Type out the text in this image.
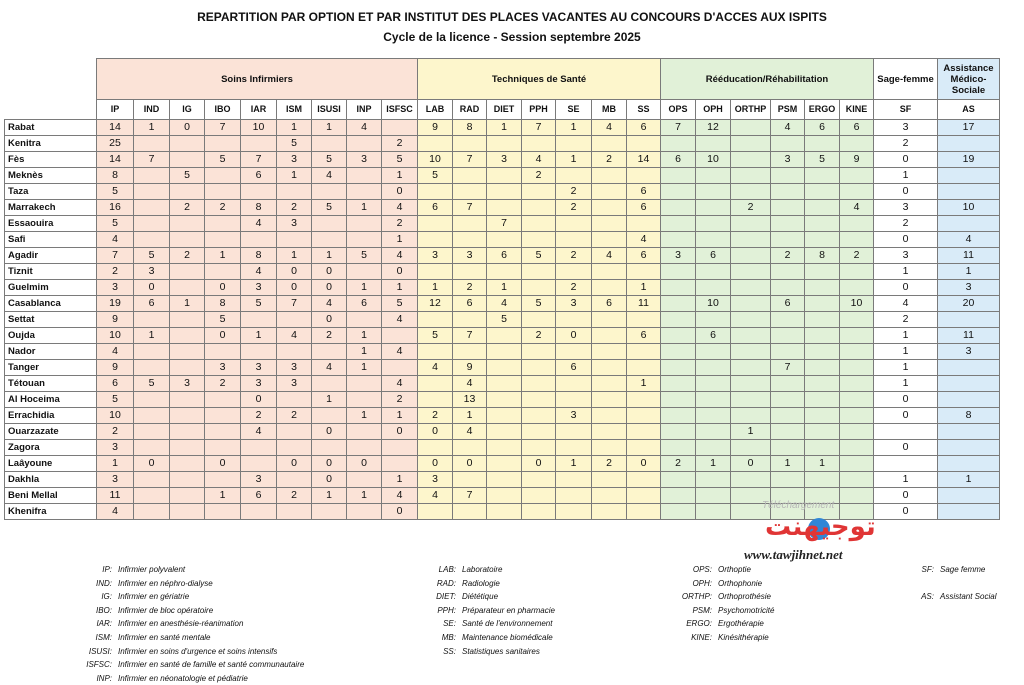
REPARTITION PAR OPTION ET PAR INSTITUT DES PLACES VACANTES AU CONCOURS D'ACCES AUX ISPITS
Cycle de la licence - Session septembre 2025
	Soins Infirmiers									Techniques de Santé							Rééducation/Réhabilitation						Sage-femme	Assistance Médico-Sociale
	IP	IND	IG	IBO	IAR	ISM	ISUSI	INP	ISFSC	LAB	RAD	DIET	PPH	SE	MB	SS	OPS	OPH	ORTHP	PSM	ERGO	KINE	SF	AS
Rabat	14	1	0	7	10	1	1	4		9	8	1	7	1	4	6	7	12		4	6	6	3	17
Kenitra	25					5			2														2	
Fès	14	7		5	7	3	5	3	5	10	7	3	4	1	2	14	6	10		3	5	9	0	19
Meknès	8		5		6	1	4		1	5			2										1	
Taza	5								0					2		6							0	
Marrakech	16		2	2	8	2	5	1	4	6	7			2		6			2			4	3	10
Essaouira	5				4	3			2			7											2	
Safi	4								1							4							0	4
Agadir	7	5	2	1	8	1	1	5	4	3	3	6	5	2	4	6	3	6		2	8	2	3	11
Tiznit	2	3			4	0	0		0														1	1
Guelmim	3	0		0	3	0	0	1	1	1	2	1		2		1							0	3
Casablanca	19	6	1	8	5	7	4	6	5	12	6	4	5	3	6	11		10		6		10	4	20
Settat	9			5			0		4			5											2	
Oujda	10	1		0	1	4	2	1		5	7		2	0		6		6					1	11
Nador	4							1	4														1	3
Tanger	9			3	3	3	4	1		4	9			6						7			1	
Tétouan	6	5	3	2	3	3			4		4					1							1	
Al Hoceima	5				0		1		2		13												0	
Errachidia	10				2	2		1	1	2	1			3									0	8
Ouarzazate	2				4		0		0	0	4								1					
Zagora	3																						0	
Laâyoune	1	0		0		0	0	0		0	0		0	1	2	0	2	1	0	1	1			
Dakhla	3				3		0		1	3													1	1
Beni Mellal	11			1	6	2	1	1	4	4	7												0	
Khenifra	4								0														0	
IP: Infirmier polyvalent
IND: Infirmier en néphro-dialyse
IG: Infirmier en gériatrie
IBO: Infirmier de bloc opératoire
IAR: Infirmier en anesthésie-réanimation
ISM: Infirmier en santé mentale
ISUSI: Infirmier en soins d'urgence et soins intensifs
ISFSC: Infirmier en santé de famille et santé communautaire
INP: Infirmier en néonatologie et pédiatrie
LAB: Laboratoire
RAD: Radiologie
DIET: Diététique
PPH: Préparateur en pharmacie
SE: Santé de l'environnement
MB: Maintenance biomédicale
SS: Statistiques sanitaires
OPS: Orthoptie
OPH: Orthophonie
ORTHP: Orthoprothésie
PSM: Psychomotricité
ERGO: Ergothérapie
KINE: Kinésithérapie
SF: Sage femme
AS: Assistant Social
Téléchargement
توجيهنت
www.tawjihnet.net
